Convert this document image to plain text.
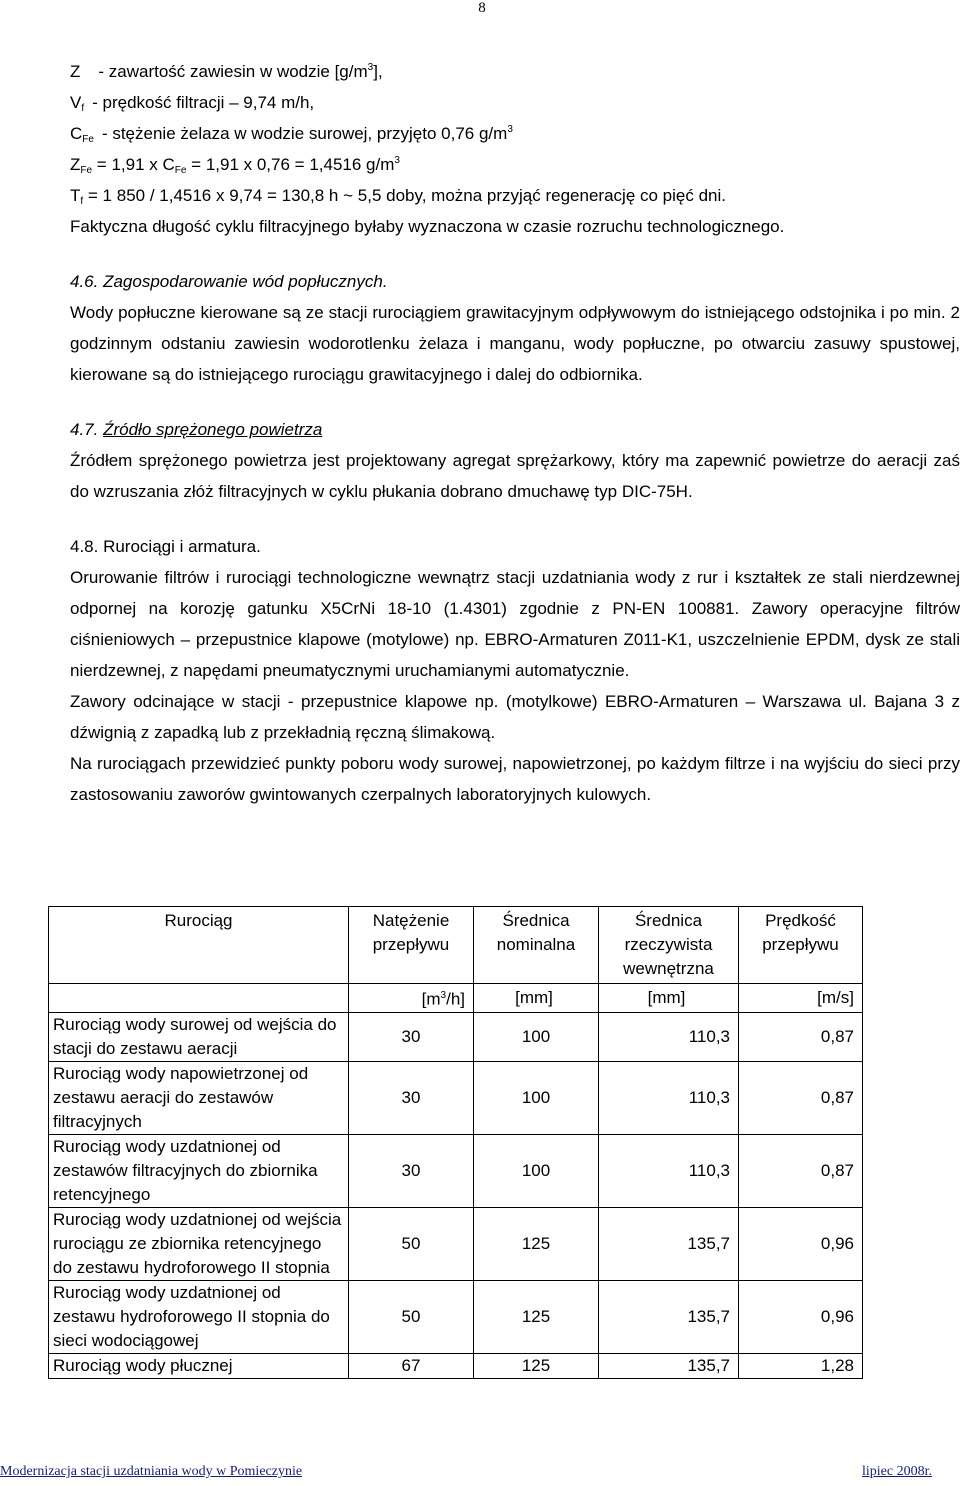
8

Z - zawartość zawiesin w wodzie $[g/m^3]$,

$V_f$ - prędkość filtracji – 9,74 m/h,

$C_{Fe}$ - stężenie żelaza w wodzie surowej, przyjęto 0,76 $g/m^3$

$Z_{Fe} = 1,91$ x $C_{Fe} = 1,91$ x 0,76 = 1,4516 $g/m^3$

$T_f = 1$ 850 / 1,4516 x 9,74 = 130,8 h ~ 5,5 doby, można przyjąć regenerację co pięć dni.

Faktyczna długość cyklu filtracyjnego byłaby wyznaczona w czasie rozruchu technologicznego.

4.6. Zagospodarowanie wód popłucznych.

Wody popłuczne kierowane są ze stacji rurociągiem grawitacyjnym odpływowym do istniejącego odstojnika i po min. 2 godzinnym odstaniu zawiesin wodorotlenku żelaza i manganu, wody popłuczne, po otwarciu zasuwy spustowej, kierowane są do istniejącego rurociągu grawitacyjnego i dalej do odbiornika.

4.7. Źródło sprężonego powietrza

Źródłem sprężonego powietrza jest projektowany agregat sprężarkowy, który ma zapewnić powietrze do aeracji zaś do wzruszania złóż filtracyjnych w cyklu płukania dobrano dmuchawę typ DIC-75H.

4.8. Rurociągi i armatura.

Orurowanie filtrów i rurociągi technologiczne wewnątrz stacji uzdatniania wody z rur i kształtek ze stali nierdzewnej odpornej na korozję gatunku X5CrNi 18-10 (1.4301) zgodnie z PN-EN 100881. Zawory operacyjne filtrów ciśnieniowych – przepustnice klapowe (motylowe) np. EBRO-Armaturen Z011-K1, uszczelnienie EPDM, dysk ze stali nierdzewnej, z napędami pneumatycznymi uruchamianymi automatycznie.

Zawory odcinające w stacji - przepustnice klapowe np. (motylkowe) EBRO-Armaturen – Warszawa ul. Bajana 3 z dźwignią z zapadką lub z przekładnią ręczną ślimakową.

Na rurociągach przewidzieć punkty poboru wody surowej, napowietrzonej, po każdym filtrze i na wyjściu do sieci przy zastosowaniu zaworów gwintowanych czerpalnych laboratoryjnych kulowych.

Rurociąg	Natężenie przepływu	Średnica nominalna	Średnica rzeczywista wewnętrzna	Prędkość przepływu
	$[m^3/h]$	[mm]	[mm]	[m/s]
Rurociąg wody surowej od wejścia do stacji do zestawu aeracji	30	100	110,3	0,87
Rurociąg wody napowietrzonej od zestawu aeracji do zestawów filtracyjnych	30	100	110,3	0,87
Rurociąg wody uzdatnionej od zestawów filtracyjnych do zbiornika retencyjnego	30	100	110,3	0,87
Rurociąg wody uzdatnionej od wejścia rurociągu ze zbiornika retencyjnego do zestawu hydroforowego II stopnia	50	125	135,7	0,96
Rurociąg wody uzdatnionej od zestawu hydroforowego II stopnia do sieci wodociągowej	50	125	135,7	0,96
Rurociąg wody płucznej	67	125	135,7	1,28
Modernizacja stacji uzdatniania wody w Pomieczynie	lipiec 2008r.
